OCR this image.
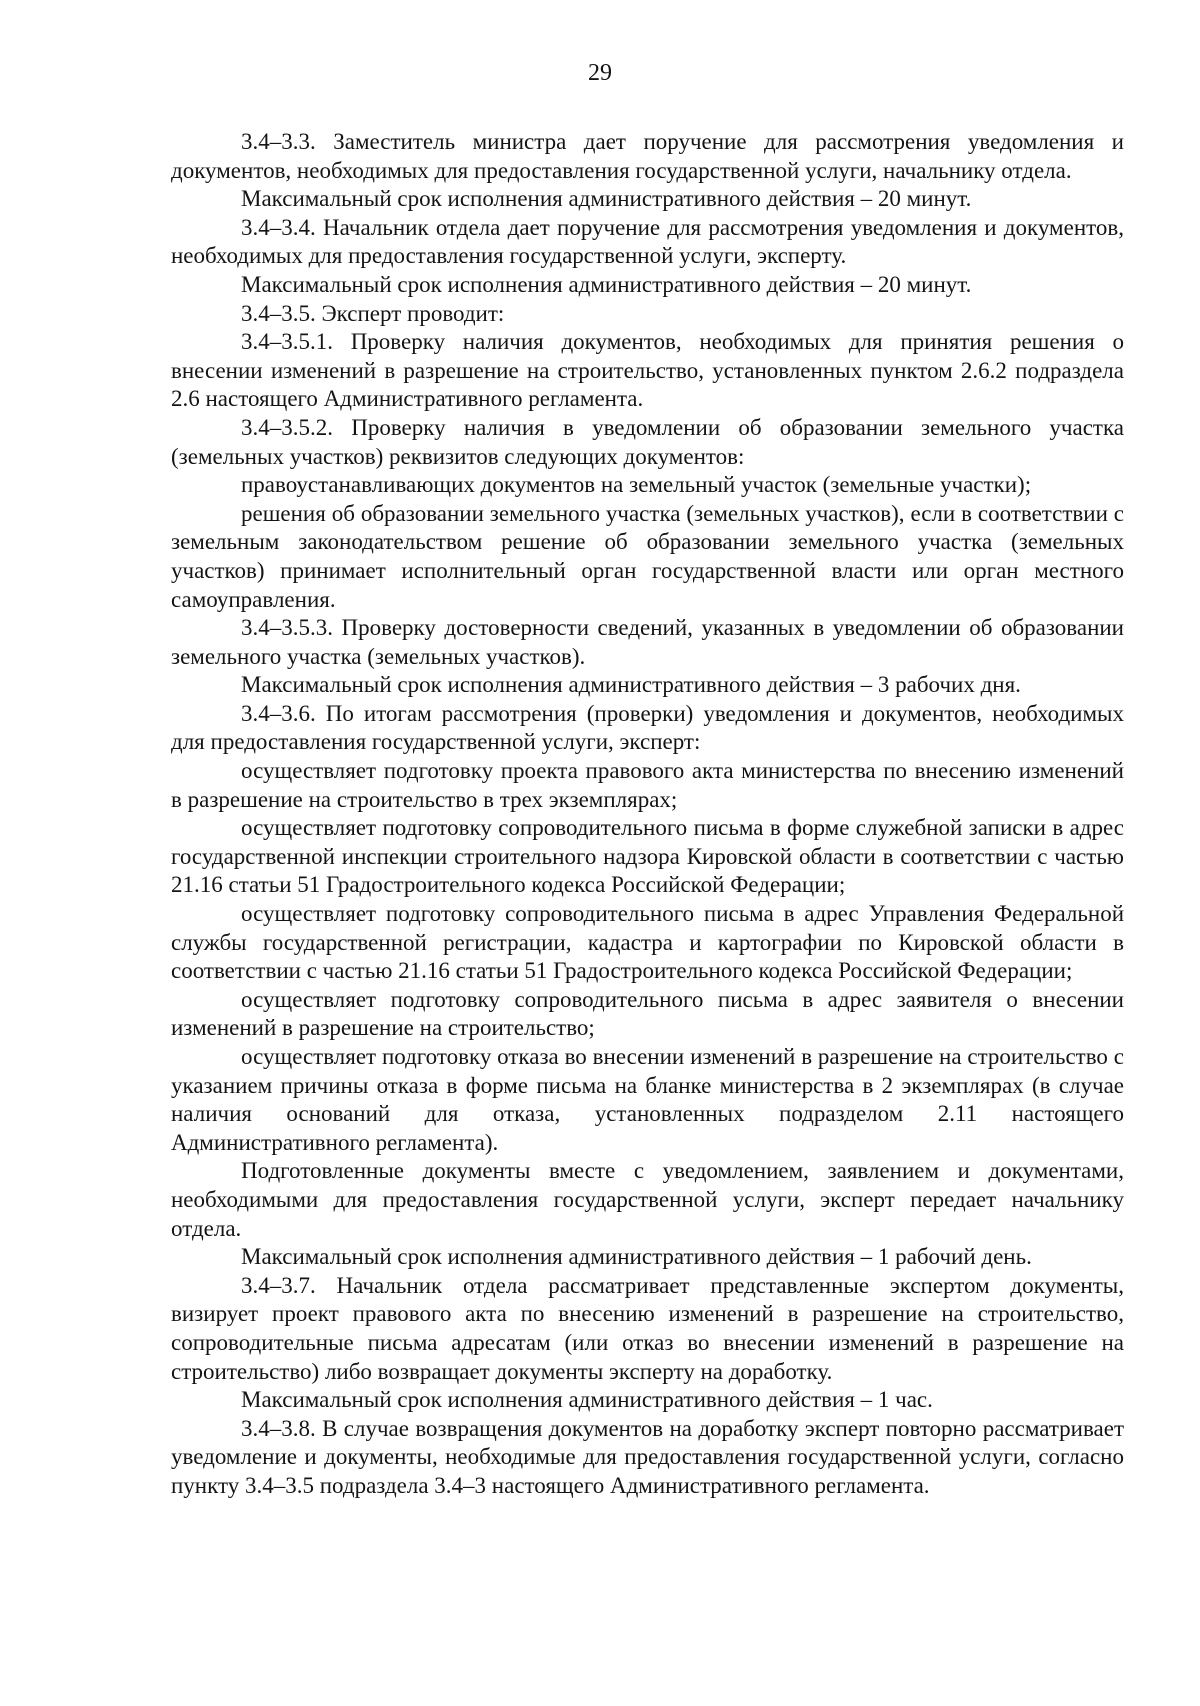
29

3.4–3.3. Заместитель министра дает поручение для рассмотрения уведомления и документов, необходимых для предоставления государственной услуги, начальнику отдела.

Максимальный срок исполнения административного действия – 20 минут.

3.4–3.4. Начальник отдела дает поручение для рассмотрения уведомления и документов, необходимых для предоставления государственной услуги, эксперту.

Максимальный срок исполнения административного действия – 20 минут.

3.4–3.5. Эксперт проводит:

3.4–3.5.1. Проверку наличия документов, необходимых для принятия решения о внесении изменений в разрешение на строительство, установленных пунктом 2.6.2 подраздела 2.6 настоящего Административного регламента.

3.4–3.5.2. Проверку наличия в уведомлении об образовании земельного участка (земельных участков) реквизитов следующих документов:

правоустанавливающих документов на земельный участок (земельные участки);

решения об образовании земельного участка (земельных участков), если в соответствии с земельным законодательством решение об образовании земельного участка (земельных участков) принимает исполнительный орган государственной власти или орган местного самоуправления.

3.4–3.5.3. Проверку достоверности сведений, указанных в уведомлении об образовании земельного участка (земельных участков).

Максимальный срок исполнения административного действия – 3 рабочих дня.

3.4–3.6. По итогам рассмотрения (проверки) уведомления и документов, необходимых для предоставления государственной услуги, эксперт:

осуществляет подготовку проекта правового акта министерства по внесению изменений в разрешение на строительство в трех экземплярах;

осуществляет подготовку сопроводительного письма в форме служебной записки в адрес государственной инспекции строительного надзора Кировской области в соответствии с частью 21.16 статьи 51 Градостроительного кодекса Российской Федерации;

осуществляет подготовку сопроводительного письма в адрес Управления Федеральной службы государственной регистрации, кадастра и картографии по Кировской области в соответствии с частью 21.16 статьи 51 Градостроительного кодекса Российской Федерации;

осуществляет подготовку сопроводительного письма в адрес заявителя о внесении изменений в разрешение на строительство;

осуществляет подготовку отказа во внесении изменений в разрешение на строительство с указанием причины отказа в форме письма на бланке министерства в 2 экземплярах (в случае наличия оснований для отказа, установленных подразделом 2.11 настоящего Административного регламента).

Подготовленные документы вместе с уведомлением, заявлением и документами, необходимыми для предоставления государственной услуги, эксперт передает начальнику отдела.

Максимальный срок исполнения административного действия – 1 рабочий день.

3.4–3.7. Начальник отдела рассматривает представленные экспертом документы, визирует проект правового акта по внесению изменений в разрешение на строительство, сопроводительные письма адресатам (или отказ во внесении изменений в разрешение на строительство) либо возвращает документы эксперту на доработку.

Максимальный срок исполнения административного действия – 1 час.

3.4–3.8. В случае возвращения документов на доработку эксперт повторно рассматривает уведомление и документы, необходимые для предоставления государственной услуги, согласно пункту 3.4–3.5 подраздела 3.4–3 настоящего Административного регламента.
